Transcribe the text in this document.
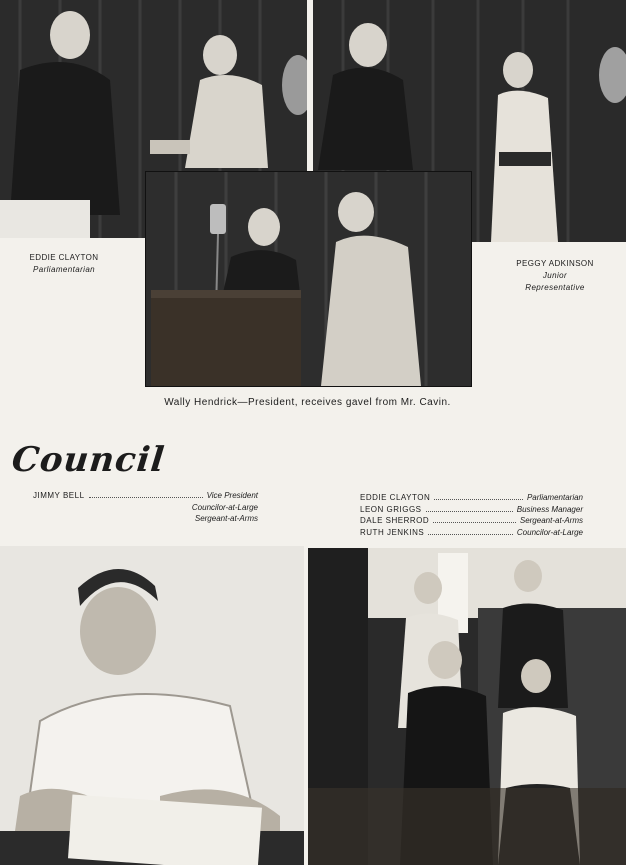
EDDIE CLAYTON
Parliamentarian
PEGGY ADKINSON
Junior
Representative
Wally Hendrick—President, receives gavel from Mr. Cavin.
Council
JIMMY BELL	Vice President
Councilor-at-Large
Sergeant-at-Arms
EDDIE CLAYTON	Parliamentarian
LEON GRIGGS	Business Manager
DALE SHERROD	Sergeant-at-Arms
RUTH JENKINS	Councilor-at-Large
